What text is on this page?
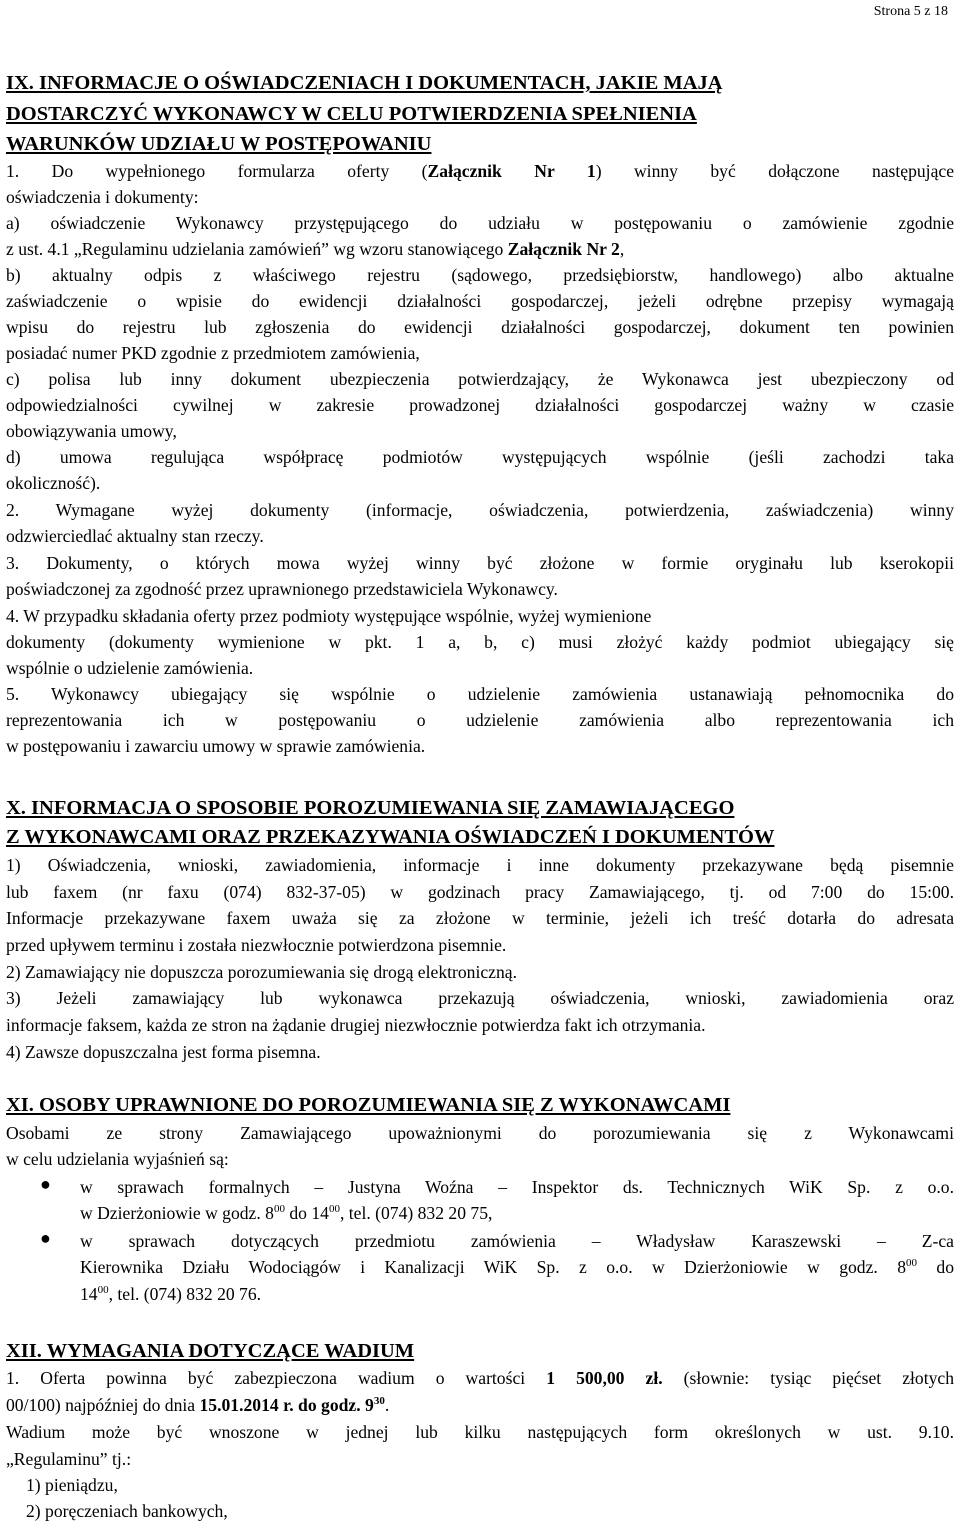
Strona 5 z 18
IX. INFORMACJE O OŚWIADCZENIACH I DOKUMENTACH, JAKIE MAJĄ
DOSTARCZYĆ WYKONAWCY W CELU POTWIERDZENIA SPEŁNIENIA
WARUNKÓW UDZIAŁU W POSTĘPOWANIU
1. Do wypełnionego formularza oferty (Załącznik Nr 1) winny być dołączone następujące
oświadczenia i dokumenty:
a) oświadczenie Wykonawcy przystępującego do udziału w postępowaniu o zamówienie zgodnie
z ust. 4.1 „Regulaminu udzielania zamówień” wg wzoru stanowiącego Załącznik Nr 2,
b) aktualny odpis z właściwego rejestru (sądowego, przedsiębiorstw, handlowego) albo aktualne
zaświadczenie o wpisie do ewidencji działalności gospodarczej, jeżeli odrębne przepisy wymagają
wpisu do rejestru lub zgłoszenia do ewidencji działalności gospodarczej, dokument ten powinien
posiadać numer PKD zgodnie z przedmiotem zamówienia,
c) polisa lub inny dokument ubezpieczenia potwierdzający, że Wykonawca jest ubezpieczony od
odpowiedzialności cywilnej w zakresie prowadzonej działalności gospodarczej ważny w czasie
obowiązywania umowy,
d) umowa regulująca współpracę podmiotów występujących wspólnie (jeśli zachodzi taka
okoliczność).
2. Wymagane wyżej dokumenty (informacje, oświadczenia, potwierdzenia, zaświadczenia) winny
odzwierciedlać aktualny stan rzeczy.
3. Dokumenty, o których mowa wyżej winny być złożone w formie oryginału lub kserokopii
poświadczonej za zgodność przez uprawnionego przedstawiciela Wykonawcy.
4. W przypadku składania oferty przez podmioty występujące wspólnie, wyżej wymienione
dokumenty (dokumenty wymienione w pkt. 1 a, b, c) musi złożyć każdy podmiot ubiegający się
wspólnie o udzielenie zamówienia.
5. Wykonawcy ubiegający się wspólnie o udzielenie zamówienia ustanawiają pełnomocnika do
reprezentowania ich w postępowaniu o udzielenie zamówienia albo reprezentowania ich
w postępowaniu i zawarciu umowy w sprawie zamówienia.
X. INFORMACJA O SPOSOBIE POROZUMIEWANIA SIĘ ZAMAWIAJĄCEGO
Z WYKONAWCAMI ORAZ PRZEKAZYWANIA OŚWIADCZEŃ I DOKUMENTÓW
1) Oświadczenia, wnioski, zawiadomienia, informacje i inne dokumenty przekazywane będą pisemnie
lub faxem (nr faxu (074) 832-37-05) w godzinach pracy Zamawiającego, tj. od 7:00 do 15:00.
Informacje przekazywane faxem uważa się za złożone w terminie, jeżeli ich treść dotarła do adresata
przed upływem terminu i została niezwłocznie potwierdzona pisemnie.
2) Zamawiający nie dopuszcza porozumiewania się drogą elektroniczną.
3) Jeżeli zamawiający lub wykonawca przekazują oświadczenia, wnioski, zawiadomienia oraz
informacje faksem, każda ze stron na żądanie drugiej niezwłocznie potwierdza fakt ich otrzymania.
4) Zawsze dopuszczalna jest forma pisemna.
XI. OSOBY UPRAWNIONE DO POROZUMIEWANIA SIĘ Z WYKONAWCAMI
Osobami ze strony Zamawiającego upoważnionymi do porozumiewania się z Wykonawcami
w celu udzielania wyjaśnień są:
● w sprawach formalnych – Justyna Woźna – Inspektor ds. Technicznych WiK Sp. z o.o.
w Dzierżoniowie w godz. $8^{00}$ do $14^{00}$, tel. (074) 832 20 75,
● w sprawach dotyczących przedmiotu zamówienia – Władysław Karaszewski – Z-ca
Kierownika Działu Wodociągów i Kanalizacji WiK Sp. z o.o. w Dzierżoniowie w godz. $8^{00}$ do
$14^{00}$, tel. (074) 832 20 76.
XII. WYMAGANIA DOTYCZĄCE WADIUM
1. Oferta powinna być zabezpieczona wadium o wartości 1 500,00 zł. (słownie: tysiąc pięćset złotych
00/100) najpóźniej do dnia 15.01.2014 r. do godz. $9^{30}$.
Wadium może być wnoszone w jednej lub kilku następujących form określonych w ust. 9.10.
„Regulaminu” tj.:
1) pieniądzu,
2) poręczeniach bankowych,
